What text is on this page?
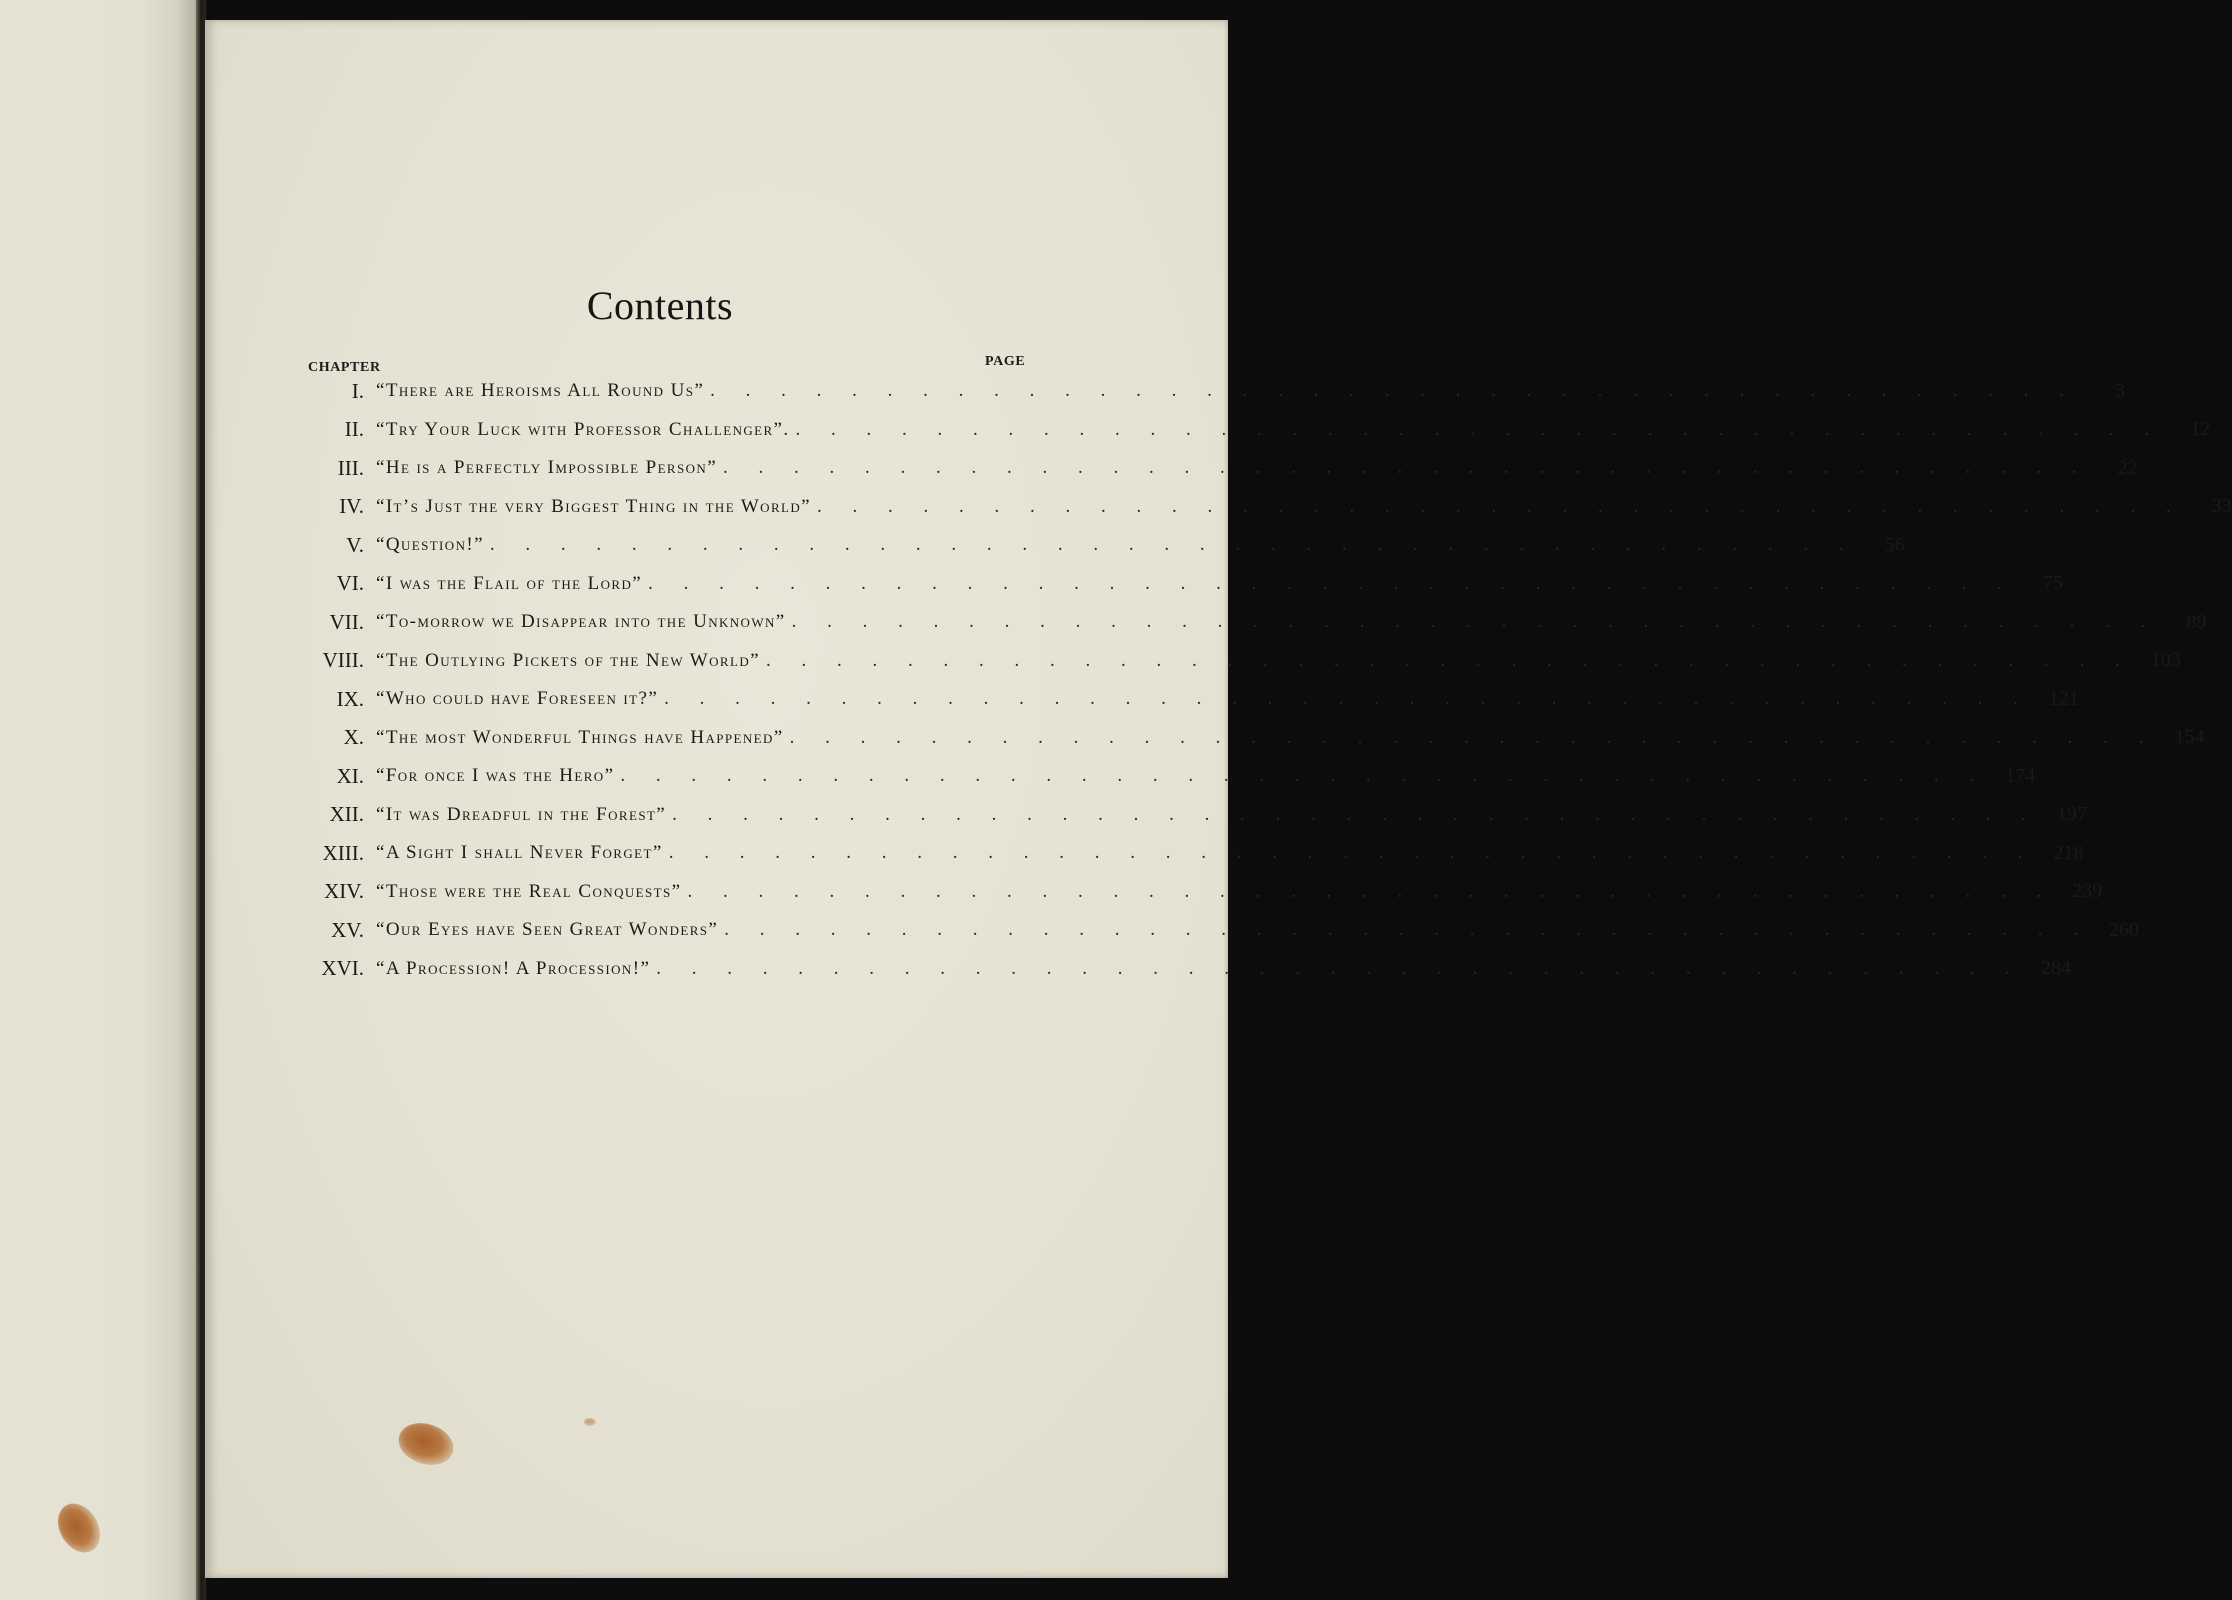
Contents
CHAPTER	PAGE
I. “There are Heroisms All Round Us” . . . . . . . . . . . . . . . . . . . . . . . . . . . . . . . . . . . . . . .	3
II. “Try Your Luck with Professor Challenger”. . . . . . . . . . . . . . . . . . . . . . . . . . . . . . . . . . . . . . . .	12
III. “He is a Perfectly Impossible Person” . . . . . . . . . . . . . . . . . . . . . . . . . . . . . . . . . . . . . . .	22
IV. “It’s Just the very Biggest Thing in the World” . . . . . . . . . . . . . . . . . . . . . . . . . . . . . . . . . . . . . . .	33
V. “Question!” . . . . . . . . . . . . . . . . . . . . . . . . . . . . . . . . . . . . . . .	56
VI. “I was the Flail of the Lord” . . . . . . . . . . . . . . . . . . . . . . . . . . . . . . . . . . . . . . .	75
VII. “To-morrow we Disappear into the Unknown” . . . . . . . . . . . . . . . . . . . . . . . . . . . . . . . . . . . . . . .	89
VIII. “The Outlying Pickets of the New World” . . . . . . . . . . . . . . . . . . . . . . . . . . . . . . . . . . . . . . . 103
IX. “Who could have Foreseen it?” . . . . . . . . . . . . . . . . . . . . . . . . . . . . . . . . . . . . . . . 121
X. “The most Wonderful Things have Happened” . . . . . . . . . . . . . . . . . . . . . . . . . . . . . . . . . . . . . . . 154
XI. “For once I was the Hero” . . . . . . . . . . . . . . . . . . . . . . . . . . . . . . . . . . . . . . . 174
XII. “It was Dreadful in the Forest” . . . . . . . . . . . . . . . . . . . . . . . . . . . . . . . . . . . . . . . 197
XIII. “A Sight I shall Never Forget” . . . . . . . . . . . . . . . . . . . . . . . . . . . . . . . . . . . . . . . 218
XIV. “Those were the Real Conquests” . . . . . . . . . . . . . . . . . . . . . . . . . . . . . . . . . . . . . . . 239
XV. “Our Eyes have Seen Great Wonders” . . . . . . . . . . . . . . . . . . . . . . . . . . . . . . . . . . . . . . . 260
XVI. “A Procession! A Procession!” . . . . . . . . . . . . . . . . . . . . . . . . . . . . . . . . . . . . . . . 284
